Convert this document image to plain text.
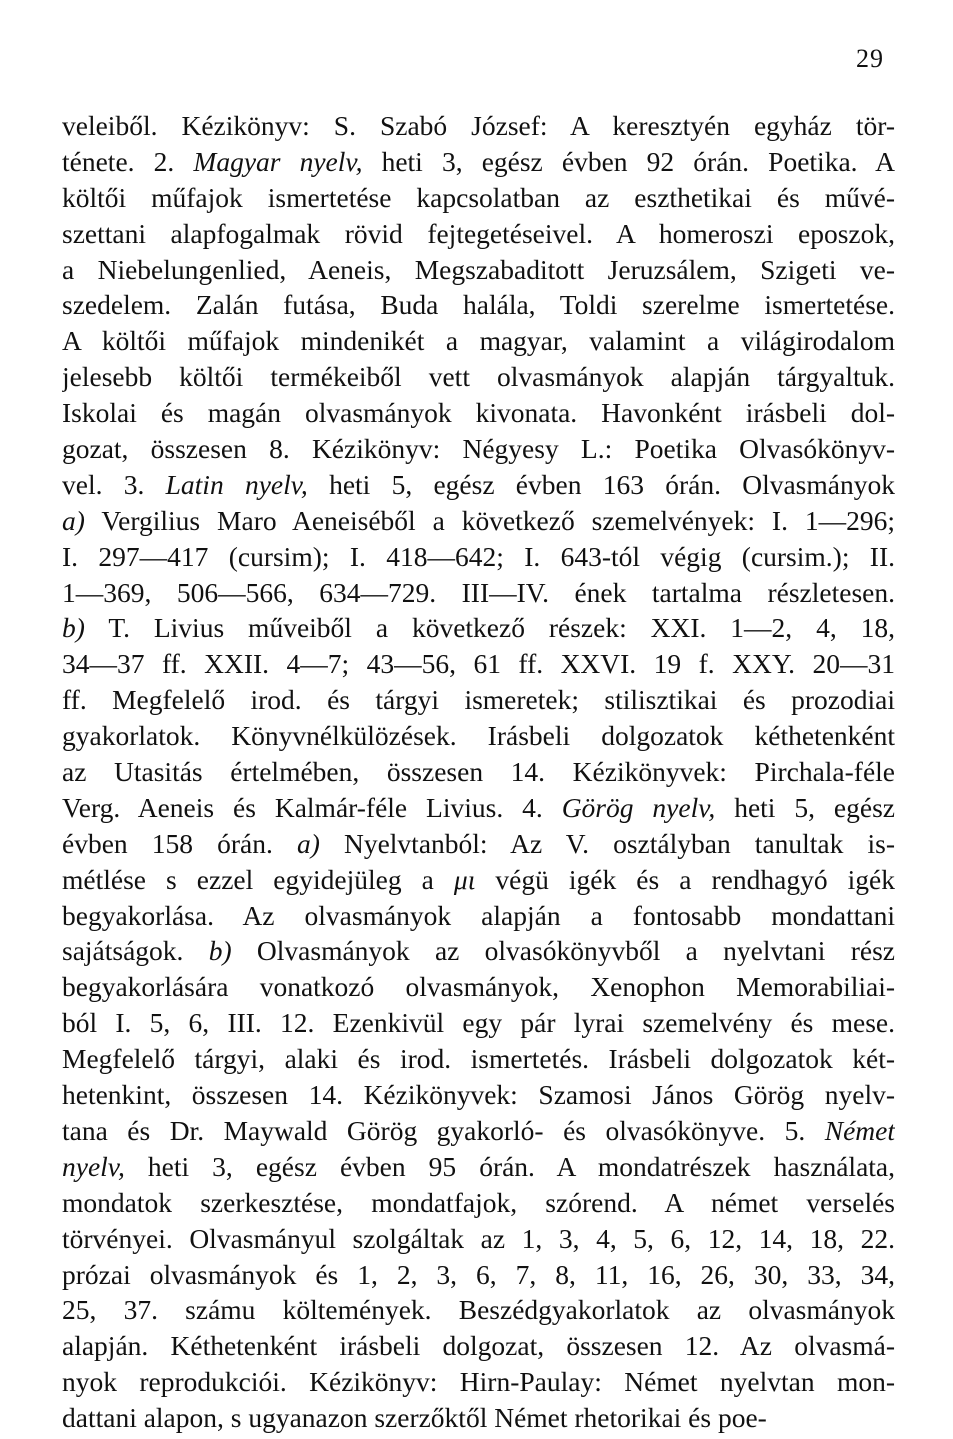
29
veleiből. Kézikönyv: S. Szabó József: A keresztyén egyház tör-
ténete. 2. Magyar nyelv, heti 3, egész évben 92 órán. Poetika. A
költői műfajok ismertetése kapcsolatban az eszthetikai és művé-
szettani alapfogalmak rövid fejtegetéseivel. A homeroszi eposzok,
a Niebelungenlied, Aeneis, Megszabaditott Jeruzsálem, Szigeti ve-
szedelem. Zalán futása, Buda halála, Toldi szerelme ismertetése.
A költői műfajok mindenikét a magyar, valamint a világirodalom
jelesebb költői termékeiből vett olvasmányok alapján tárgyaltuk.
Iskolai és magán olvasmányok kivonata. Havonként irásbeli dol-
gozat, összesen 8. Kézikönyv: Négyesy L.: Poetika Olvasókönyv-
vel. 3. Latin nyelv, heti 5, egész évben 163 órán. Olvasmányok
a) Vergilius Maro Aeneiséből a következő szemelvények: I. 1—296;
I. 297—417 (cursim); I. 418—642; I. 643-tól végig (cursim.); II.
1—369, 506—566, 634—729. III—IV. ének tartalma részletesen.
b) T. Livius műveiből a következő részek: XXI. 1—2, 4, 18,
34—37 ff. XXII. 4—7; 43—56, 61 ff. XXVI. 19 f. XXY. 20—31
ff. Megfelelő irod. és tárgyi ismeretek; stilisztikai és prozodiai
gyakorlatok. Könyvnélkülözések. Irásbeli dolgozatok kéthetenként
az Utasitás értelmében, összesen 14. Kézikönyvek: Pirchala-féle
Verg. Aeneis és Kalmár-féle Livius. 4. Görög nyelv, heti 5, egész
évben 158 órán. a) Nyelvtanból: Az V. osztályban tanultak is-
métlése s ezzel egyidejüleg a μι végü igék és a rendhagyó igék
begyakorlása. Az olvasmányok alapján a fontosabb mondattani
sajátságok. b) Olvasmányok az olvasókönyvből a nyelvtani rész
begyakorlására vonatkozó olvasmányok, Xenophon Memorabiliai-
ból I. 5, 6, III. 12. Ezenkivül egy pár lyrai szemelvény és mese.
Megfelelő tárgyi, alaki és irod. ismertetés. Irásbeli dolgozatok két-
hetenkint, összesen 14. Kézikönyvek: Szamosi János Görög nyelv-
tana és Dr. Maywald Görög gyakorló- és olvasókönyve. 5. Német
nyelv, heti 3, egész évben 95 órán. A mondatrészek használata,
mondatok szerkesztése, mondatfajok, szórend. A német verselés
törvényei. Olvasmányul szolgáltak az 1, 3, 4, 5, 6, 12, 14, 18, 22.
prózai olvasmányok és 1, 2, 3, 6, 7, 8, 11, 16, 26, 30, 33, 34,
25, 37. számu költemények. Beszédgyakorlatok az olvasmányok
alapján. Kéthetenként irásbeli dolgozat, összesen 12. Az olvasmá-
nyok reprodukciói. Kézikönyv: Hirn-Paulay: Német nyelvtan mon-
dattani alapon, s ugyanazon szerzőktől Német rhetorikai és poe-
